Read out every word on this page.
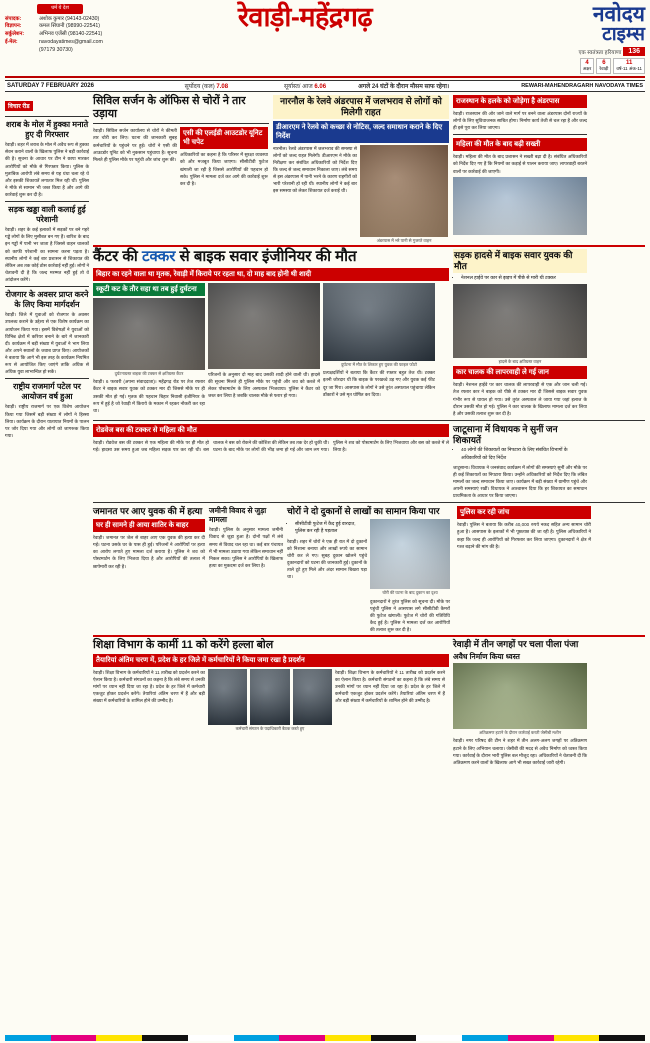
धर्म ये देश
संपादक:	अशोक कुमार (94143-02430)
विज्ञापन:	कमल सिंघानी (98990-22541)
सर्कुलेशन:	अभिनव एजेंसी (98140-22541)
ई-मेल:	navodayatimes@gmail.com
(97179 30730)
रेवाड़ी-महेंद्रगढ़	नवोदय
टाइम्स
एक स्वतंत्रता हरियाणा	136
4
अक्षर
6
रेवाड़ी
11
वर्ष-11 अंक-11
SATURDAY 7 FEBRUARY 2026	सूर्योदय (कल) 7.08	सूर्यास्त/ आज 6.06	अगले 24 घंटों के दौरान मौसम साफ रहेगा।	REWARI-MAHENDRAGARH NAVODAYA TIMES
विचार रीड
शराब के मोल में हुक्का मनाते हुए दी गिरफ्तार
रेवाड़ी। शहर में शराब के मोल में अवैध रूप से हुक्का सेवन कराने वालों के खिलाफ पुलिस ने बड़ी कार्रवाई की है। सूचना के आधार पर टीम ने छापा मारकर आरोपियों को मौके से गिरफ्तार किया। पुलिस के मुताबिक आरोपी लंबे समय से यह धंधा चला रहे थे और इसकी शिकायतें लगातार मिल रही थीं। पुलिस ने मौके से सामान भी जब्त किया है और आगे की कार्रवाई शुरू कर दी है।
सड़क खड्डा वाली कलाई हुई परेशानी
रेवाड़ी। शहर के कई इलाकों में सड़कों पर बने गहरे गड्ढे लोगों के लिए मुसीबत बन गए हैं। बारिश के बाद इन गड्ढों में पानी भर जाता है जिससे वाहन चालकों को काफी परेशानी का सामना करना पड़ता है। स्थानीय लोगों ने कई बार प्रशासन से शिकायत की लेकिन अब तक कोई ठोस कार्रवाई नहीं हुई। लोगों ने चेतावनी दी है कि जल्द मरम्मत नहीं हुई तो वे आंदोलन करेंगे।
रोजगार के अवसर प्राप्त करने के लिए किया मार्गदर्शन
रेवाड़ी। जिले में युवाओं को रोजगार के अवसर उपलब्ध कराने के उद्देश्य से एक विशेष कार्यक्रम का आयोजन किया गया। इसमें विशेषज्ञों ने युवाओं को विभिन्न क्षेत्रों में करियर बनाने के बारे में जानकारी दी। कार्यक्रम में बड़ी संख्या में युवाओं ने भाग लिया और अपने सवालों के जवाब प्राप्त किए। आयोजकों ने बताया कि आगे भी इस तरह के कार्यक्रम नियमित रूप से आयोजित किए जाएंगे ताकि अधिक से अधिक युवा लाभान्वित हो सकें।
राष्ट्रीय राजमार्ग पटेल पर आयोजन वर्ष हुआ
रेवाड़ी। राष्ट्रीय राजमार्ग पर एक विशेष आयोजन किया गया जिसमें बड़ी संख्या में लोगों ने हिस्सा लिया। कार्यक्रम के दौरान यातायात नियमों के पालन पर जोर दिया गया और लोगों को जागरूक किया गया।
सिविल सर्जन के ऑफिस से चोरों ने तार उड़ाया
रेवाड़ी। सिविल सर्जन कार्यालय से चोरों ने कीमती तार चोरी कर लिए। घटना की जानकारी सुबह कर्मचारियों के पहुंचने पर हुई। चोरों ने एसी की आउटडोर यूनिट को भी नुकसान पहुंचाया है। सूचना मिलते ही पुलिस मौके पर पहुंची और जांच शुरू की।
एसी की एलईडी आउटडोर यूनिट भी चपेट
अधिकारियों का कहना है कि परिसर में सुरक्षा व्यवस्था को और मजबूत किया जाएगा। सीसीटीवी फुटेज खंगाली जा रही है जिससे आरोपियों की पहचान हो सके। पुलिस ने मामला दर्ज कर आगे की कार्रवाई शुरू कर दी है।
नारनौल के रेलवे अंडरपास में जलभराव से लोगों को मिलेगी राहत
डीआरएम ने रेलवे को कच्छा से नोटिस, जल्द समाधान कराने के दिए निर्देश
नारनौल। रेलवे अंडरपास में जलभराव की समस्या से लोगों को जल्द राहत मिलेगी। डीआरएम ने मौके का निरीक्षण कर संबंधित अधिकारियों को निर्देश दिए कि जल्द से जल्द समाधान निकाला जाए। लंबे समय से इस अंडरपास में पानी भरने के कारण राहगीरों को भारी परेशानी हो रही थी। स्थानीय लोगों ने कई बार इस समस्या को लेकर शिकायत दर्ज कराई थी।
अंडरपास में भरे पानी से गुजरते वाहन
राजस्थान के हलके को जोड़ेगा है अंडरपास
रेवाड़ी। राजस्थान की ओर जाने वाले मार्ग पर बनने वाला अंडरपास दोनों राज्यों के लोगों के लिए सुविधाजनक साबित होगा। निर्माण कार्य तेजी से चल रहा है और जल्द ही इसे पूरा कर लिया जाएगा।
महिला की मौत के बाद बढ़ी सख्ती
रेवाड़ी। महिला की मौत के बाद प्रशासन ने सख्ती बढ़ा दी है। संबंधित अधिकारियों को निर्देश दिए गए हैं कि नियमों का कड़ाई से पालन कराया जाए। लापरवाही बरतने वालों पर कार्रवाई की जाएगी।
कैंटर की टक्कर से बाइक सवार इंजीनियर की मौत
बिहार का रहने वाला था मृतक, रेवाड़ी में किराये पर रहता था, दो माह बाद होनी थी शादी
स्कूटी कट के तौर सहा था तब हुई दुर्घटना
दुर्घटनाग्रस्त बाइक की टक्कर से क्षतिग्रस्त कैंटर
रेवाड़ी। 6 फरवरी (अपना संवाददाता)। महेंद्रगढ़ रोड पर तेज रफ्तार कैंटर ने बाइक सवार युवक को टक्कर मार दी जिससे मौके पर ही उसकी मौत हो गई। मृतक की पहचान बिहार निवासी इंजीनियर के रूप में हुई है जो रेवाड़ी में किराये के मकान में रहकर नौकरी कर रहा था।
परिजनों के अनुसार दो माह बाद उसकी शादी होने वाली थी। हादसे की सूचना मिलते ही पुलिस मौके पर पहुंची और शव को कब्जे में लेकर पोस्टमार्टम के लिए अस्पताल भिजवाया। पुलिस ने कैंटर को जब्त कर लिया है जबकि चालक मौके से फरार हो गया।
दुर्घटना में मौत के शिकार हुए युवक की फाइल फोटो
प्रत्यक्षदर्शियों ने बताया कि कैंटर की रफ्तार बहुत तेज थी। टक्कर इतनी जोरदार थी कि बाइक के परखच्चे उड़ गए और युवक कई फीट दूर जा गिरा। आसपास के लोगों ने उसे तुरंत अस्पताल पहुंचाया लेकिन डॉक्टरों ने उसे मृत घोषित कर दिया।
सड़क हादसे में बाइक सवार युवक की मौत
• नेशनल हाईवे पर कार से झड़प में पीछे से मारी थी टक्कर
हादसे के बाद क्षतिग्रस्त वाहन
कार चालक की लापरवाही ले गई जान
रेवाड़ी। नेशनल हाईवे पर कार चालक की लापरवाही से एक और जान चली गई। तेज रफ्तार कार ने बाइक को पीछे से टक्कर मार दी जिससे बाइक सवार युवक गंभीर रूप से घायल हो गया। उसे तुरंत अस्पताल ले जाया गया जहां इलाज के दौरान उसकी मौत हो गई। पुलिस ने कार चालक के खिलाफ मामला दर्ज कर लिया है और उसकी तलाश शुरू कर दी है।
रोडवेज बस की टक्कर से महिला की मौत
रेवाड़ी। रोडवेज बस की टक्कर से एक महिला की मौके पर ही मौत हो गई। हादसा उस समय हुआ जब महिला सड़क पार कर रही थी। बस चालक ने बस को रोकने की कोशिश की लेकिन तब तक देर हो चुकी थी। घटना के बाद मौके पर लोगों की भीड़ जमा हो गई और जाम लग गया। पुलिस ने शव को पोस्टमार्टम के लिए भिजवाया और बस को कब्जे में ले लिया है।
जाटूसाना में विधायक ने सुनीं जन शिकायतें
• 40 लोगों की शिकायतों का निपटारा के लिए संबंधित विभागों के अधिकारियों को दिए निर्देश
जाटूसाना। विधायक ने जनसंवाद कार्यक्रम में लोगों की समस्याएं सुनीं और मौके पर ही कई शिकायतों का निपटारा किया। उन्होंने अधिकारियों को निर्देश दिए कि लंबित मामलों का जल्द समाधान किया जाए। कार्यक्रम में बड़ी संख्या में ग्रामीण पहुंचे और अपनी समस्याएं रखीं। विधायक ने आश्वासन दिया कि हर शिकायत का समाधान प्राथमिकता के आधार पर किया जाएगा।
जमानत पर आए युवक की में हत्या
घर ही सामने ही आया शातिर के बाहर
रेवाड़ी। जमानत पर जेल से बाहर आए एक युवक की हत्या कर दी गई। घटना उसके घर के पास ही हुई। परिजनों ने आरोपियों पर हत्या का आरोप लगाते हुए मामला दर्ज कराया है। पुलिस ने शव को पोस्टमार्टम के लिए भिजवा दिया है और आरोपियों की तलाश में छापेमारी कर रही है।
जमीनी विवाद से जुड़ा मामला
रेवाड़ी। पुलिस के अनुसार मामला जमीनी विवाद से जुड़ा हुआ है। दोनों पक्षों में लंबे समय से विवाद चल रहा था। कई बार पंचायत में भी मामला उठाया गया लेकिन समाधान नहीं निकल सका। पुलिस ने आरोपियों के खिलाफ हत्या का मुकदमा दर्ज कर लिया है।
चोरों ने दो दुकानों से लाखों का सामान किया पार
• सीसीटीवी फुटेज में कैद हुई वारदात, पुलिस कर रही है पड़ताल
रेवाड़ी। शहर में चोरों ने एक ही रात में दो दुकानों को निशाना बनाया और लाखों रुपये का सामान चोरी कर ले गए। सुबह दुकान खोलने पहुंचे दुकानदारों को घटना की जानकारी हुई। दुकानों के ताले टूटे हुए मिले और अंदर सामान बिखरा पड़ा था।
चोरी की घटना के बाद दुकान का दृश्य
दुकानदारों ने तुरंत पुलिस को सूचना दी। मौके पर पहुंची पुलिस ने आसपास लगे सीसीटीवी कैमरों की फुटेज खंगाली। फुटेज में चोरों की गतिविधि कैद हुई है। पुलिस ने मामला दर्ज कर आरोपियों की तलाश शुरू कर दी है।
पुलिस कर रही जांच
रेवाड़ी। पुलिस ने बताया कि करीब 40,000 रुपये नकद सहित अन्य सामान चोरी हुआ है। आसपास के इलाकों में भी पूछताछ की जा रही है। पुलिस अधिकारियों ने कहा कि जल्द ही आरोपियों को गिरफ्तार कर लिया जाएगा। दुकानदारों ने क्षेत्र में गश्त बढ़ाने की मांग की है।
शिक्षा विभाग के कार्मी 11 को करेंगे हल्ला बोल
तैयारियां अंतिम चरण में, प्रदेश के हर जिले में कर्मचारियों ने किया जमा रखा है प्रदर्शन
रेवाड़ी। शिक्षा विभाग के कर्मचारियों ने 11 तारीख को प्रदर्शन करने का ऐलान किया है। कर्मचारी संगठनों का कहना है कि लंबे समय से उनकी मांगों पर ध्यान नहीं दिया जा रहा है। प्रदेश के हर जिले में कर्मचारी एकजुट होकर प्रदर्शन करेंगे। तैयारियां अंतिम चरण में हैं और बड़ी संख्या में कर्मचारियों के शामिल होने की उम्मीद है।
कर्मचारी संगठन के पदाधिकारी बैठक करते हुए
रेवाड़ी। शिक्षा विभाग के कर्मचारियों ने 11 तारीख को प्रदर्शन करने का ऐलान किया है। कर्मचारी संगठनों का कहना है कि लंबे समय से उनकी मांगों पर ध्यान नहीं दिया जा रहा है। प्रदेश के हर जिले में कर्मचारी एकजुट होकर प्रदर्शन करेंगे। तैयारियां अंतिम चरण में हैं और बड़ी संख्या में कर्मचारियों के शामिल होने की उम्मीद है।
रेवाड़ी में तीन जगहों पर चला पीला पंजा
अवैध निर्माण किया ध्वस्त
अतिक्रमण हटाने के दौरान कार्रवाई करती जेसीबी मशीन
रेवाड़ी। नगर परिषद की टीम ने शहर में तीन अलग-अलग जगहों पर अतिक्रमण हटाने के लिए अभियान चलाया। जेसीबी की मदद से अवैध निर्माण को ध्वस्त किया गया। कार्रवाई के दौरान भारी पुलिस बल मौजूद रहा। अधिकारियों ने चेतावनी दी कि अतिक्रमण करने वालों के खिलाफ आगे भी सख्त कार्रवाई जारी रहेगी।
